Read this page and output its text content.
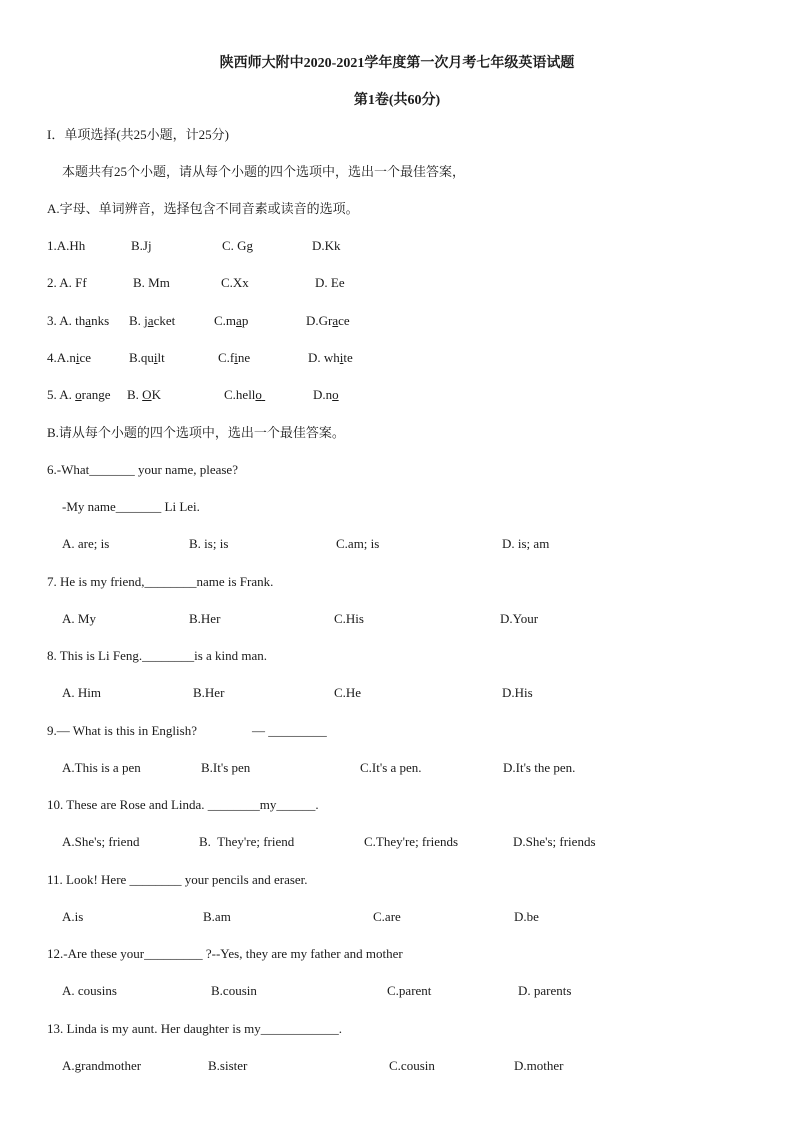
陕西师大附中2020-2021学年度第一次月考七年级英语试题
第1卷(共60分)
I．单项选择(共25小题，计25分)
本题共有25个小题，请从每个小题的四个选项中，选出一个最佳答案，
A.字母、单词辨音，选择包含不同音素或读音的选项。
1.A.Hh	B.Jj	C. Gg	D.Kk
2. A. Ff	B. Mm	C.Xx	D. Ee
3. A. thanks B. jacket	C.map	D.Grace
4.A.nice	B.quilt	C.fine	D. white
5. A. orange B. OK	C.hello	D.no
B.请从每个小题的四个选项中，选出一个最佳答案。
6.-What_______ your name, please?
-My name_______ Li Lei.
A. are; is	B. is; is	C.am; is	D. is; am
7. He is my friend,________name is Frank.
A. My	B.Her	C.His	D.Your
8. This is Li Feng.________is a kind man.
A. Him	B.Her	C.He	D.His
9.— What is this in English?	— _________
A.This is a pen	B.It's pen	C.It's a pen.	D.It's the pen.
10. These are Rose and Linda. ________my______.
A.She's; friend	B.  They're; friend	C.They're; friends	D.She's; friends
11. Look! Here ________ your pencils and eraser.
A.is	B.am	C.are	D.be
12.-Are these your_________ ?--Yes, they are my father and mother
A. cousins	B.cousin	C.parent	D. parents
13. Linda is my aunt. Her daughter is my____________.
A.grandmother	B.sister	C.cousin	D.mother
